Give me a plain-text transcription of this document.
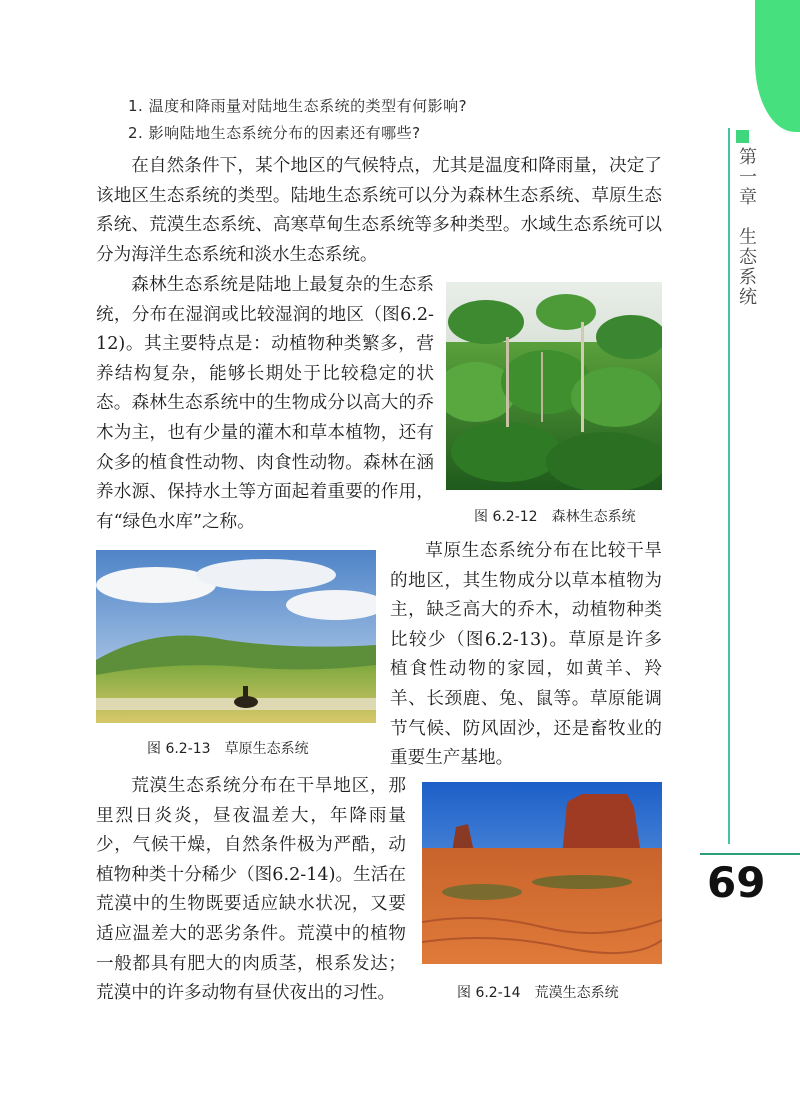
第一章　生态系统
1. 温度和降雨量对陆地生态系统的类型有何影响?
2. 影响陆地生态系统分布的因素还有哪些?

在自然条件下，某个地区的气候特点，尤其是温度和降雨量，决定了该地区生态系统的类型。陆地生态系统可以分为森林生态系统、草原生态系统、荒漠生态系统、高寒草甸生态系统等多种类型。水域生态系统可以分为海洋生态系统和淡水生态系统。

森林生态系统是陆地上最复杂的生态系统，分布在湿润或比较湿润的地区（图6.2-12)。其主要特点是：动植物种类繁多，营养结构复杂，能够长期处于比较稳定的状态。森林生态系统中的生物成分以高大的乔木为主，也有少量的灌木和草本植物，还有众多的植食性动物、肉食性动物。森林在涵养水源、保持水土等方面起着重要的作用，有“绿色水库”之称。	图 6.2-12　森林生态系统
图 6.2-13　草原生态系统

草原生态系统分布在比较干旱的地区，其生物成分以草本植物为主，缺乏高大的乔木，动植物种类比较少（图6.2-13)。草原是许多植食性动物的家园，如黄羊、羚羊、长颈鹿、兔、鼠等。草原能调节气候、防风固沙，还是畜牧业的重要生产基地。

荒漠生态系统分布在干旱地区，那里烈日炎炎，昼夜温差大，年降雨量少，气候干燥，自然条件极为严酷，动植物种类十分稀少（图6.2-14)。生活在荒漠中的生物既要适应缺水状况，又要适应温差大的恶劣条件。荒漠中的植物一般都具有肥大的肉质茎，根系发达；荒漠中的许多动物有昼伏夜出的习性。	图 6.2-14　荒漠生态系统
69
